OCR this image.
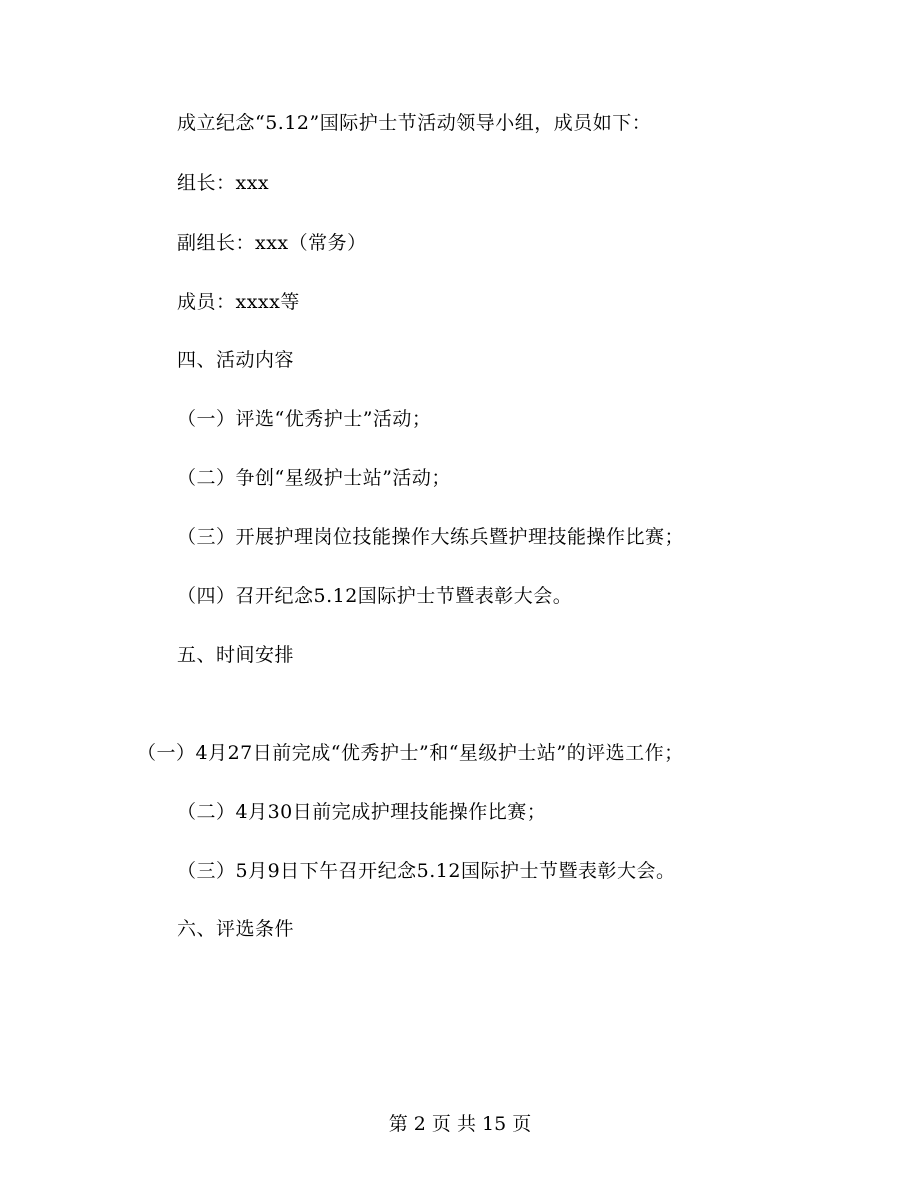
成立纪念“5.12”国际护士节活动领导小组，成员如下：
组长：xxx
副组长：xxx（常务）
成员：xxxx等
四、活动内容
（一）评选“优秀护士”活动；
（二）争创“星级护士站”活动；
（三）开展护理岗位技能操作大练兵暨护理技能操作比赛；
（四）召开纪念5.12国际护士节暨表彰大会。
五、时间安排
（一）4月27日前完成“优秀护士”和“星级护士站”的评选工作；
（二）4月30日前完成护理技能操作比赛；
（三）5月9日下午召开纪念5.12国际护士节暨表彰大会。
六、评选条件
第 2 页 共 15 页
